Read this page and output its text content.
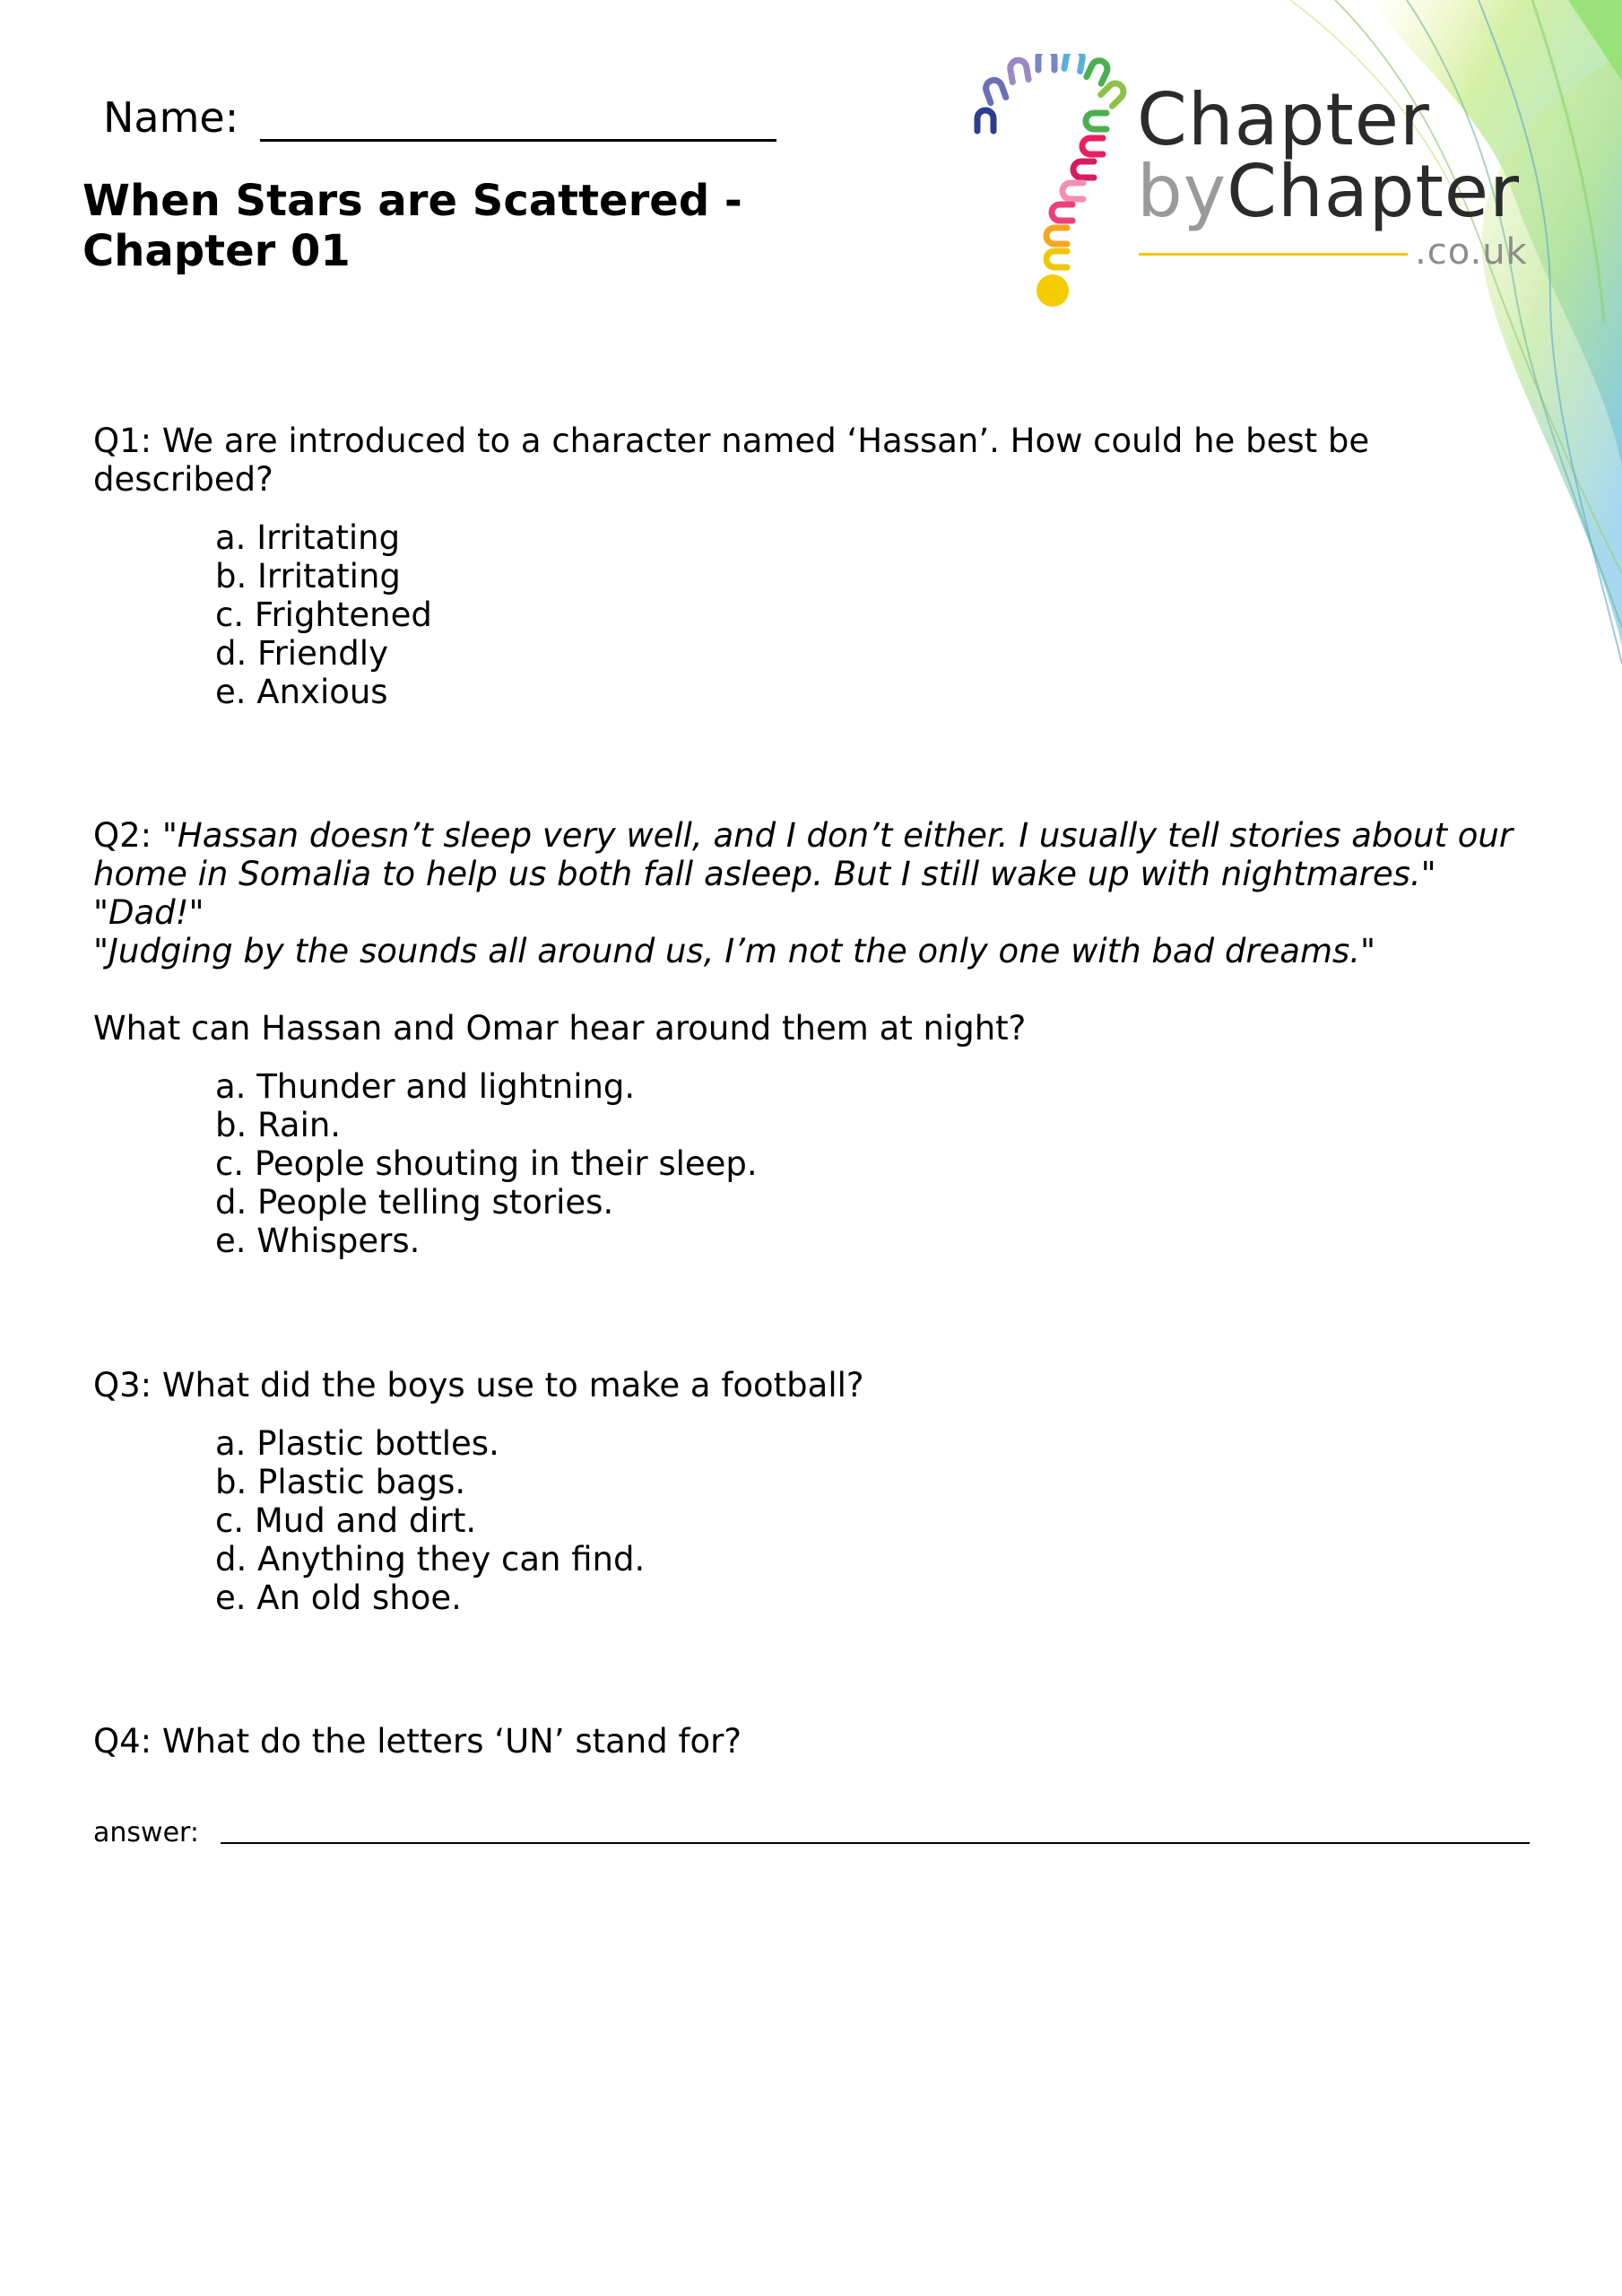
Chapter
byChapter
.co.uk
Name:
When Stars are Scattered - Chapter 01

Q1: We are introduced to a character named ‘Hassan’. How could he best be described?

a. Irritating
b. Irritating
c. Frightened
d. Friendly
e. Anxious

Q2: "Hassan doesn’t sleep very well, and I don’t either. I usually tell stories about our

home in Somalia to help us both fall asleep. But I still wake up with nightmares."

"Dad!"

"Judging by the sounds all around us, I’m not the only one with bad dreams."

What can Hassan and Omar hear around them at night?

a. Thunder and lightning.
b. Rain.
c. People shouting in their sleep.
d. People telling stories.
e. Whispers.

Q3: What did the boys use to make a football?

a. Plastic bottles.
b. Plastic bags.
c. Mud and dirt.
d. Anything they can find.
e. An old shoe.

Q4: What do the letters ‘UN’ stand for?

answer:
